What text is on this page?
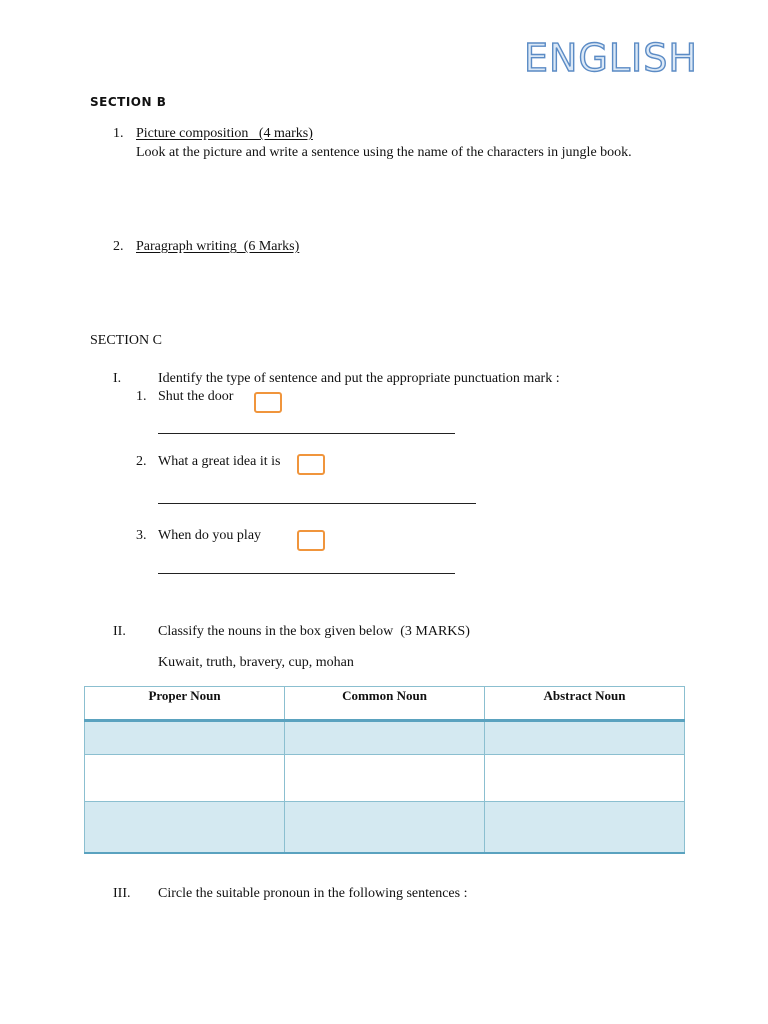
ENGLISH
SECTION B
1. Picture composition   (4 marks)
Look at the picture and write a sentence using the name of the characters in jungle book.
2. Paragraph writing  (6 Marks)
SECTION C
I.	Identify the type of sentence and put the appropriate punctuation mark :
1. Shut the door
2. What a great idea it is
3. When do you play
II. Classify the nouns in the box given below  (3 MARKS)
Kuwait, truth, bravery, cup, mohan
Proper Noun	Common Noun	Abstract Noun

III. Circle the suitable pronoun in the following sentences :
